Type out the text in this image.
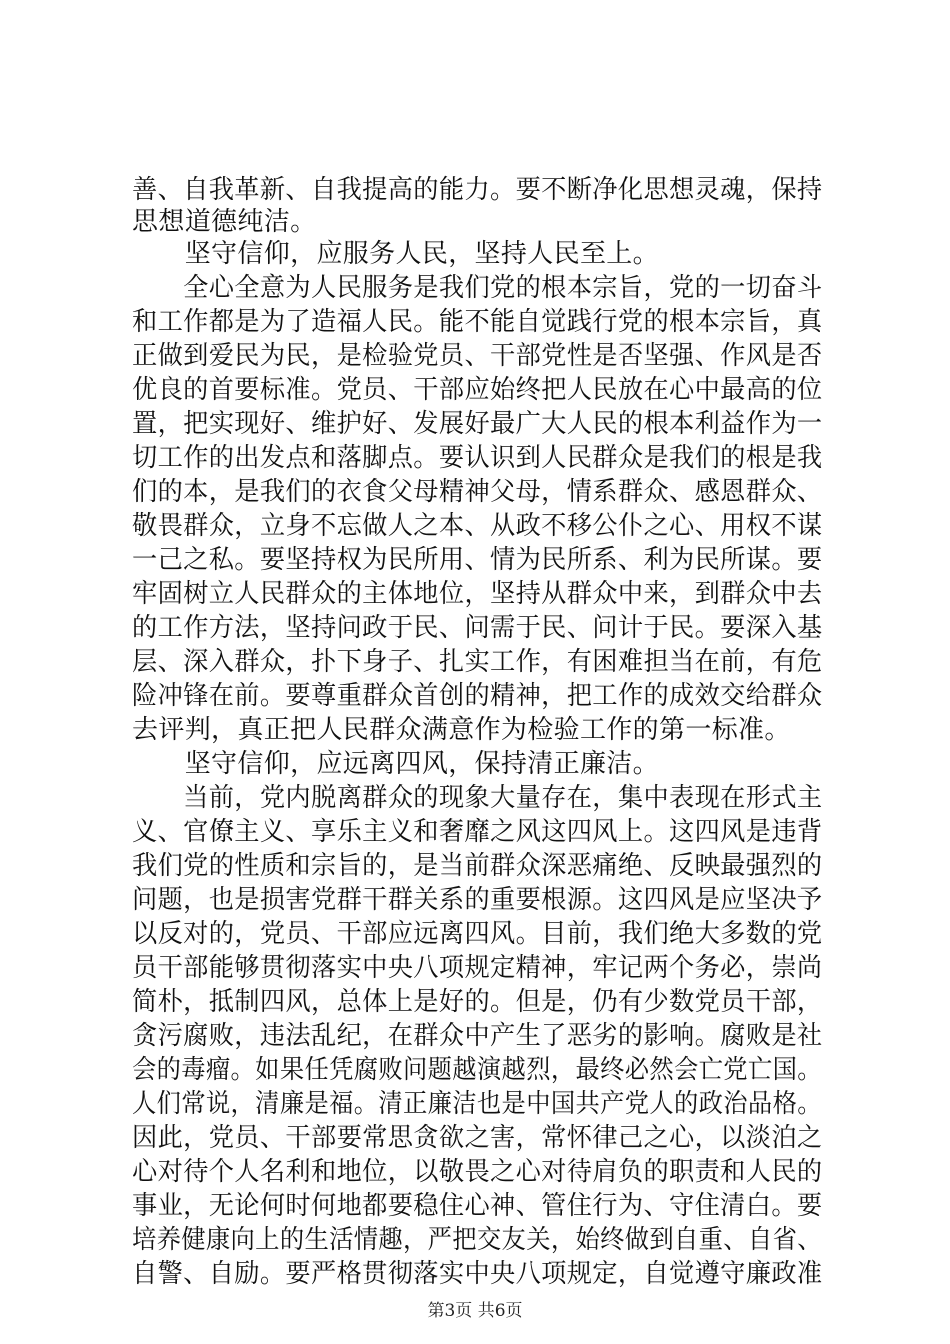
善、自我革新、自我提高的能力。要不断净化思想灵魂，保持
思想道德纯洁。
　　坚守信仰，应服务人民，坚持人民至上。
　　全心全意为人民服务是我们党的根本宗旨，党的一切奋斗
和工作都是为了造福人民。能不能自觉践行党的根本宗旨，真
正做到爱民为民，是检验党员、干部党性是否坚强、作风是否
优良的首要标准。党员、干部应始终把人民放在心中最高的位
置，把实现好、维护好、发展好最广大人民的根本利益作为一
切工作的出发点和落脚点。要认识到人民群众是我们的根是我
们的本，是我们的衣食父母精神父母，情系群众、感恩群众、
敬畏群众，立身不忘做人之本、从政不移公仆之心、用权不谋
一己之私。要坚持权为民所用、情为民所系、利为民所谋。要
牢固树立人民群众的主体地位，坚持从群众中来，到群众中去
的工作方法，坚持问政于民、问需于民、问计于民。要深入基
层、深入群众，扑下身子、扎实工作，有困难担当在前，有危
险冲锋在前。要尊重群众首创的精神，把工作的成效交给群众
去评判，真正把人民群众满意作为检验工作的第一标准。
　　坚守信仰，应远离四风，保持清正廉洁。
　　当前，党内脱离群众的现象大量存在，集中表现在形式主
义、官僚主义、享乐主义和奢靡之风这四风上。这四风是违背
我们党的性质和宗旨的，是当前群众深恶痛绝、反映最强烈的
问题，也是损害党群干群关系的重要根源。这四风是应坚决予
以反对的，党员、干部应远离四风。目前，我们绝大多数的党
员干部能够贯彻落实中央八项规定精神，牢记两个务必，崇尚
简朴，抵制四风，总体上是好的。但是，仍有少数党员干部，
贪污腐败，违法乱纪，在群众中产生了恶劣的影响。腐败是社
会的毒瘤。如果任凭腐败问题越演越烈，最终必然会亡党亡国。
人们常说，清廉是福。清正廉洁也是中国共产党人的政治品格。
因此，党员、干部要常思贪欲之害，常怀律己之心，以淡泊之
心对待个人名利和地位，以敬畏之心对待肩负的职责和人民的
事业，无论何时何地都要稳住心神、管住行为、守住清白。要
培养健康向上的生活情趣，严把交友关，始终做到自重、自省、
自警、自励。要严格贯彻落实中央八项规定，自觉遵守廉政准
第3页 共6页
